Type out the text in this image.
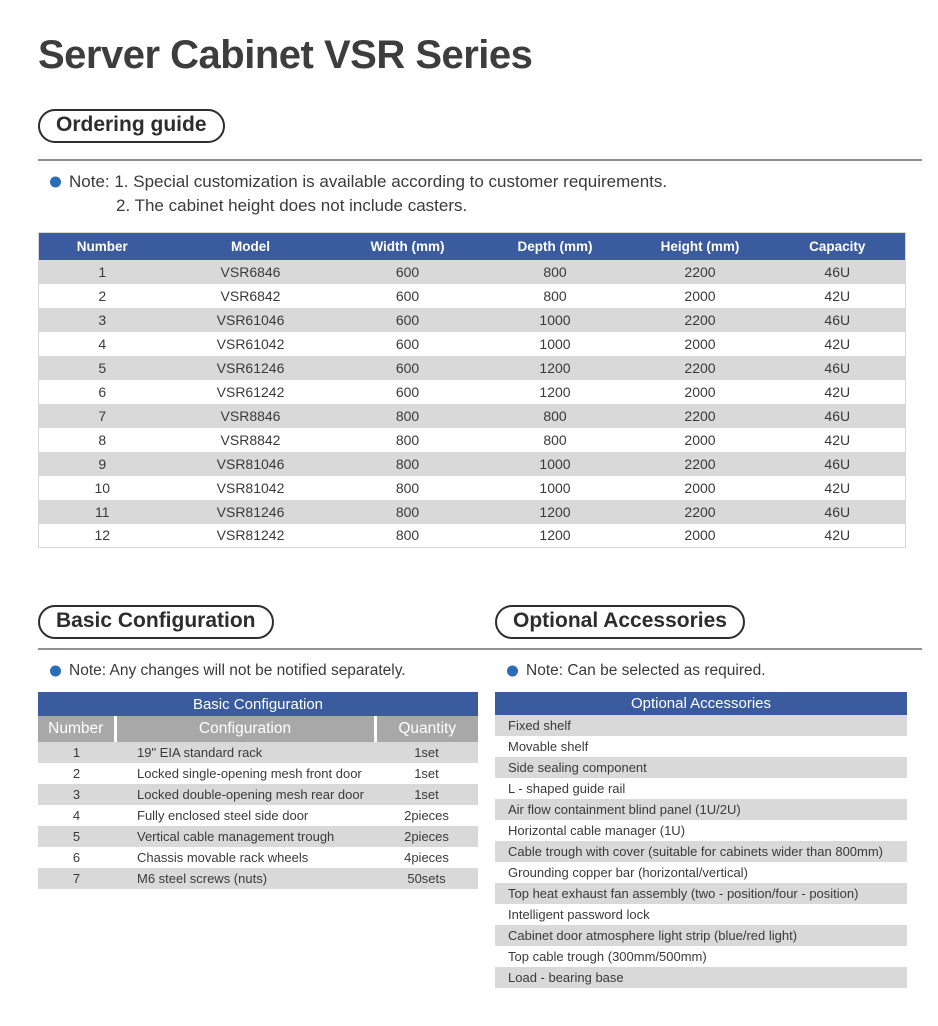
Server Cabinet VSR Series
Ordering guide
Note: 1. Special customization is available according to customer requirements.
2. The cabinet height does not include casters.
Number	Model	Width (mm)	Depth (mm)	Height (mm)	Capacity
1	VSR6846	600	800	2200	46U
2	VSR6842	600	800	2000	42U
3	VSR61046	600	1000	2200	46U
4	VSR61042	600	1000	2000	42U
5	VSR61246	600	1200	2200	46U
6	VSR61242	600	1200	2000	42U
7	VSR8846	800	800	2200	46U
8	VSR8842	800	800	2000	42U
9	VSR81046	800	1000	2200	46U
10	VSR81042	800	1000	2000	42U
11	VSR81246	800	1200	2200	46U
12	VSR81242	800	1200	2000	42U
Basic Configuration	Optional Accessories
Note: Any changes will not be notified separately.
Basic Configuration		
Number	Configuration	Quantity
1	19" EIA standard rack	1set
2	Locked single-opening mesh front door	1set
3	Locked double-opening mesh rear door	1set
4	Fully enclosed steel side door	2pieces
5	Vertical cable management trough	2pieces
6	Chassis movable rack wheels	4pieces
7	M6 steel screws (nuts)	50sets
Note: Can be selected as required.
Optional Accessories
Fixed shelf
Movable shelf
Side sealing component
L - shaped guide rail
Air flow containment blind panel (1U/2U)
Horizontal cable manager (1U)
Cable trough with cover (suitable for cabinets wider than 800mm)
Grounding copper bar (horizontal/vertical)
Top heat exhaust fan assembly (two - position/four - position)
Intelligent password lock
Cabinet door atmosphere light strip (blue/red light)
Top cable trough (300mm/500mm)
Load - bearing base
